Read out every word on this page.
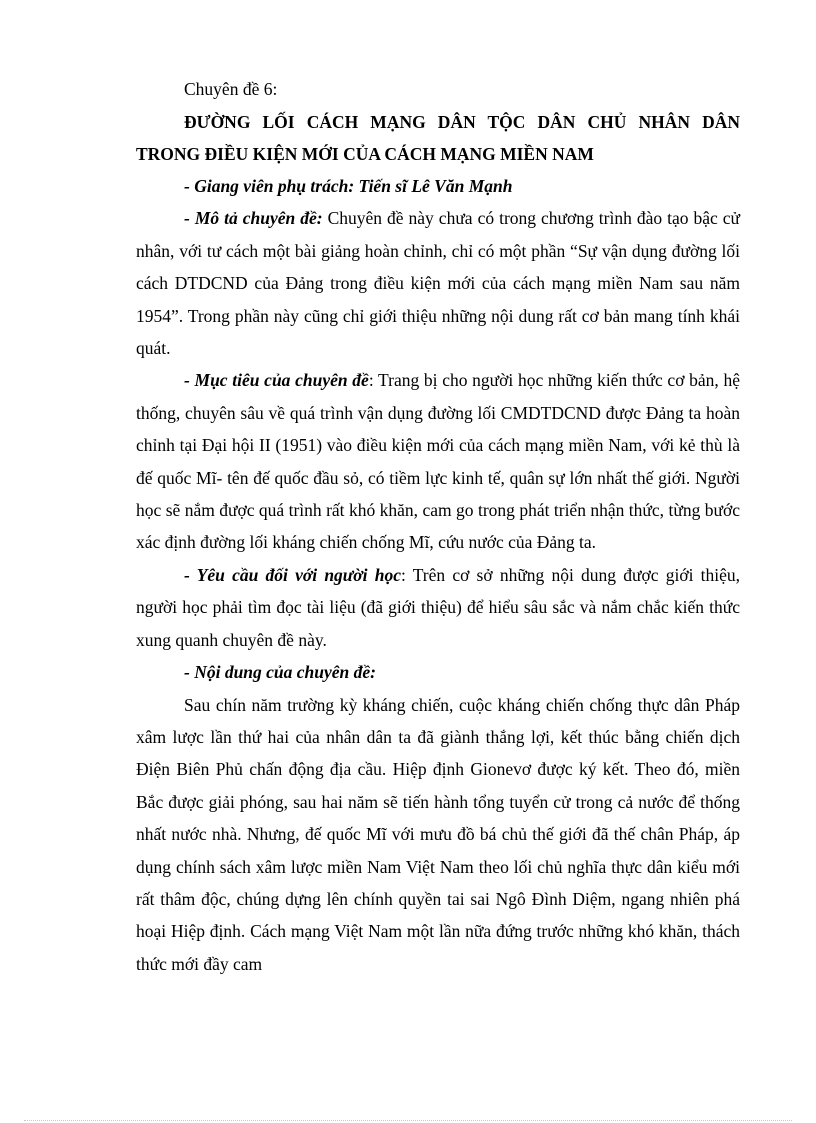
Chuyên đề 6:
ĐƯỜNG LỐI CÁCH MẠNG DÂN TỘC DÂN CHỦ NHÂN DÂN
TRONG ĐIỀU KIỆN MỚI CỦA CÁCH MẠNG MIỀN NAM
- Giang viên phụ trách: Tiến sĩ Lê Văn Mạnh
- Mô tả chuyên đề: Chuyên đề này chưa có trong chương trình đào tạo bậc cử nhân, với tư cách một bài giảng hoàn chỉnh, chỉ có một phần “Sự vận dụng đường lối cách DTDCND của Đảng trong điều kiện mới của cách mạng miền Nam sau năm 1954”. Trong phần này cũng chỉ giới thiệu những nội dung rất cơ bản mang tính khái quát.
- Mục tiêu của chuyên đề: Trang bị cho người học những kiến thức cơ bản, hệ thống, chuyên sâu về quá trình vận dụng đường lối CMDTDCND được Đảng ta hoàn chỉnh tại Đại hội II (1951) vào điều kiện mới của cách mạng miền Nam, với kẻ thù là đế quốc Mĩ- tên đế quốc đầu sỏ, có tiềm lực kinh tế, quân sự lớn nhất thế giới. Người học sẽ nắm được quá trình rất khó khăn, cam go trong phát triển nhận thức, từng bước xác định đường lối kháng chiến chống Mĩ, cứu nước của Đảng ta.
- Yêu cầu đối với người học: Trên cơ sở những nội dung được giới thiệu, người học phải tìm đọc tài liệu (đã giới thiệu) để hiểu sâu sắc và nắm chắc kiến thức xung quanh chuyên đề này.
- Nội dung của chuyên đề:
Sau chín năm trường kỳ kháng chiến, cuộc kháng chiến chống thực dân Pháp xâm lược lần thứ hai của nhân dân ta đã giành thắng lợi, kết thúc bằng chiến dịch Điện Biên Phủ chấn động địa cầu. Hiệp định Gionevơ được ký kết. Theo đó, miền Bắc được giải phóng, sau hai năm sẽ tiến hành tổng tuyển cử trong cả nước để thống nhất nước nhà. Nhưng, đế quốc Mĩ với mưu đồ bá chủ thế giới đã thế chân Pháp, áp dụng chính sách xâm lược miền Nam Việt Nam theo lối chủ nghĩa thực dân kiểu mới rất thâm độc, chúng dựng lên chính quyền tai sai Ngô Đình Diệm, ngang nhiên phá hoại Hiệp định. Cách mạng Việt Nam một lần nữa đứng trước những khó khăn, thách thức mới đầy cam
